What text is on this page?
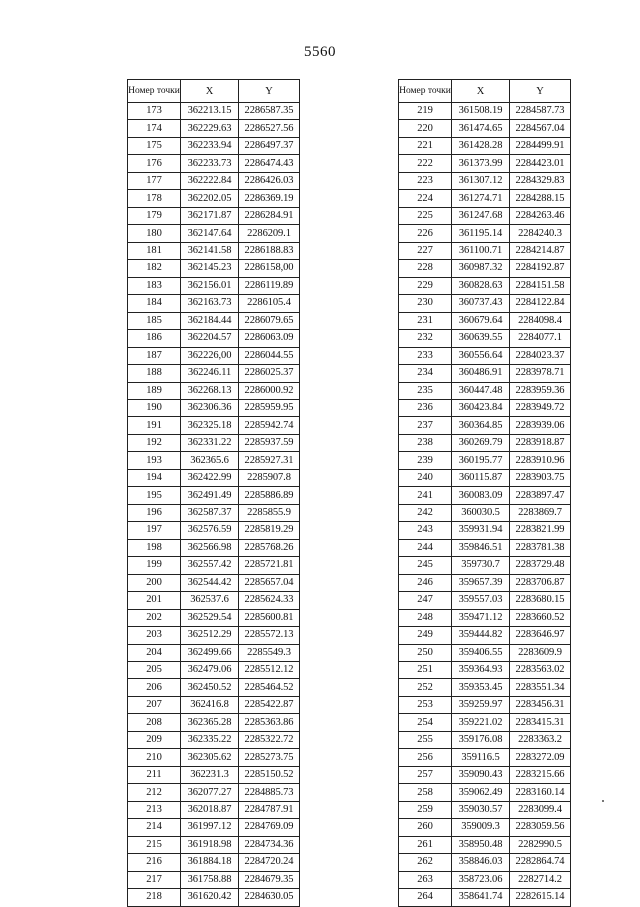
5560
Номер точки	X	Y
173	362213.15	2286587.35
174	362229.63	2286527.56
175	362233.94	2286497.37
176	362233.73	2286474.43
177	362222.84	2286426.03
178	362202.05	2286369.19
179	362171.87	2286284.91
180	362147.64	2286209.1
181	362141.58	2286188.83
182	362145.23	2286158,00
183	362156.01	2286119.89
184	362163.73	2286105.4
185	362184.44	2286079.65
186	362204.57	2286063.09
187	362226,00	2286044.55
188	362246.11	2286025.37
189	362268.13	2286000.92
190	362306.36	2285959.95
191	362325.18	2285942.74
192	362331.22	2285937.59
193	362365.6	2285927.31
194	362422.99	2285907.8
195	362491.49	2285886.89
196	362587.37	2285855.9
197	362576.59	2285819.29
198	362566.98	2285768.26
199	362557.42	2285721.81
200	362544.42	2285657.04
201	362537.6	2285624.33
202	362529.54	2285600.81
203	362512.29	2285572.13
204	362499.66	2285549.3
205	362479.06	2285512.12
206	362450.52	2285464.52
207	362416.8	2285422.87
208	362365.28	2285363.86
209	362335.22	2285322.72
210	362305.62	2285273.75
211	362231.3	2285150.52
212	362077.27	2284885.73
213	362018.87	2284787.91
214	361997.12	2284769.09
215	361918.98	2284734.36
216	361884.18	2284720.24
217	361758.88	2284679.35
218	361620.42	2284630.05
Номер точки	X	Y
219	361508.19	2284587.73
220	361474.65	2284567.04
221	361428.28	2284499.91
222	361373.99	2284423.01
223	361307.12	2284329.83
224	361274.71	2284288.15
225	361247.68	2284263.46
226	361195.14	2284240.3
227	361100.71	2284214.87
228	360987.32	2284192.87
229	360828.63	2284151.58
230	360737.43	2284122.84
231	360679.64	2284098.4
232	360639.55	2284077.1
233	360556.64	2284023.37
234	360486.91	2283978.71
235	360447.48	2283959.36
236	360423.84	2283949.72
237	360364.85	2283939.06
238	360269.79	2283918.87
239	360195.77	2283910.96
240	360115.87	2283903.75
241	360083.09	2283897.47
242	360030.5	2283869.7
243	359931.94	2283821.99
244	359846.51	2283781.38
245	359730.7	2283729.48
246	359657.39	2283706.87
247	359557.03	2283680.15
248	359471.12	2283660.52
249	359444.82	2283646.97
250	359406.55	2283609.9
251	359364.93	2283563.02
252	359353.45	2283551.34
253	359259.97	2283456.31
254	359221.02	2283415.31
255	359176.08	2283363.2
256	359116.5	2283272.09
257	359090.43	2283215.66
258	359062.49	2283160.14
259	359030.57	2283099.4
260	359009.3	2283059.56
261	358950.48	2282990.5
262	358846.03	2282864.74
263	358723.06	2282714.2
264	358641.74	2282615.14
